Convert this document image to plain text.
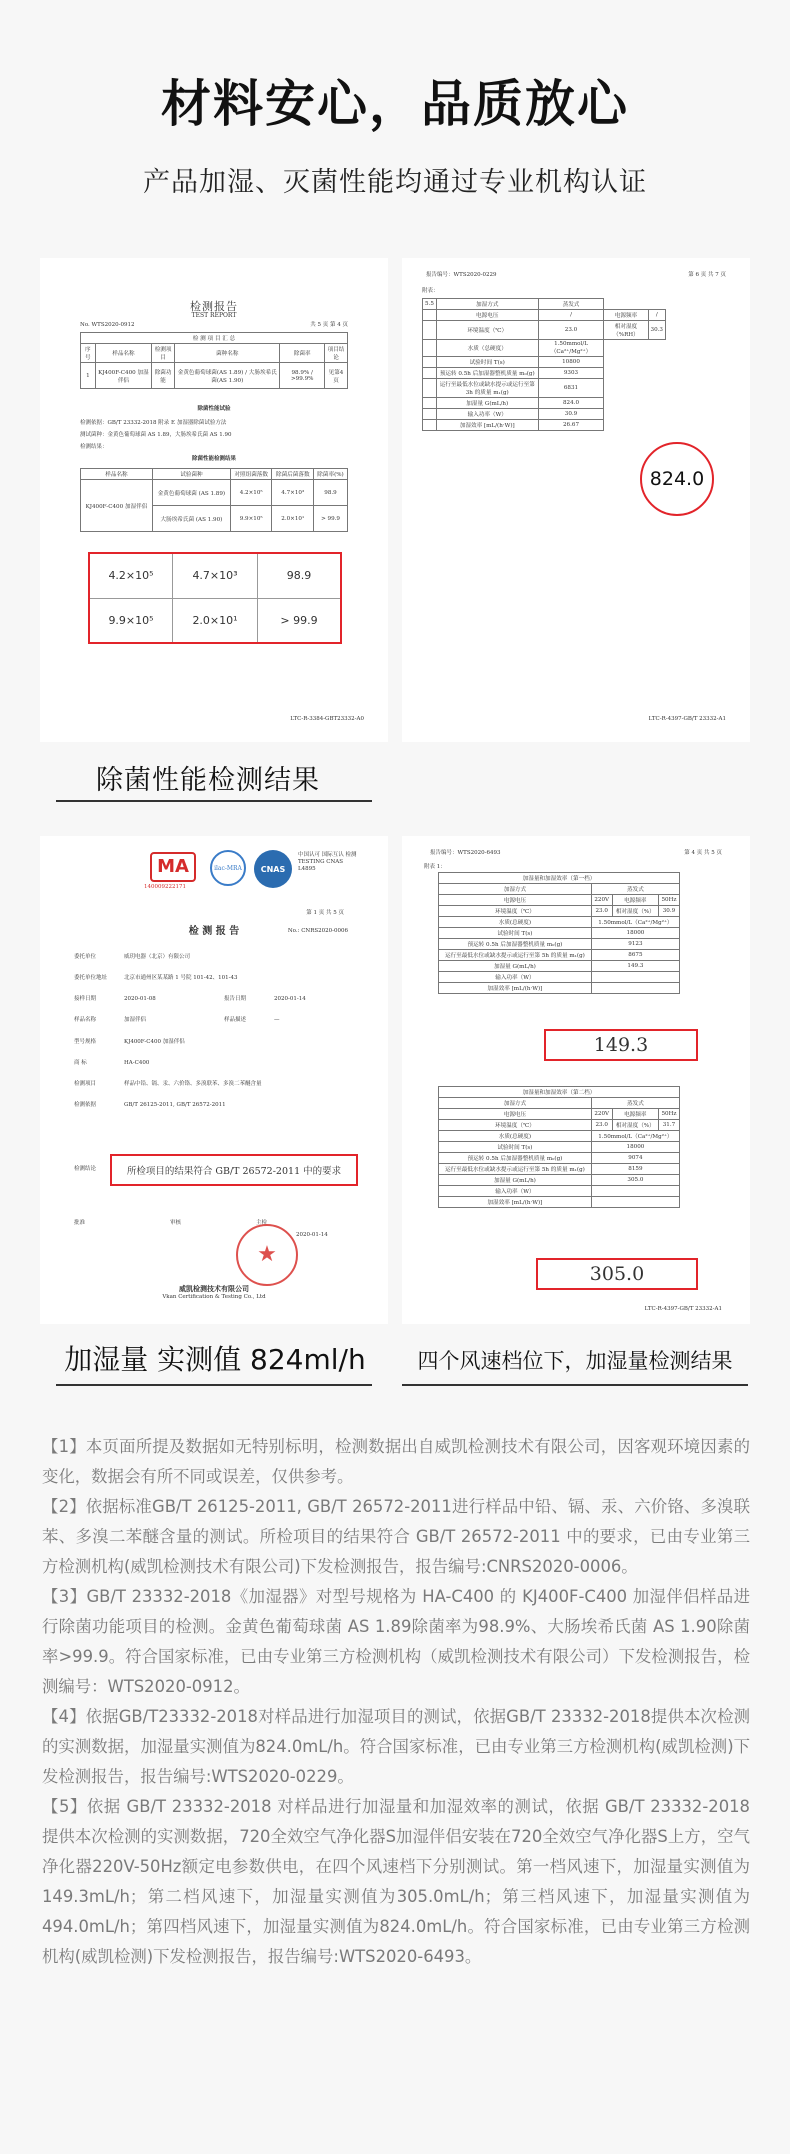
材料安心，品质放心
产品加湿、灭菌性能均通过专业机构认证
检测报告
TEST REPORT
No. WTS2020-0912	共 5 页 第 4 页
检 测 项 目 汇 总					
序号	样品名称	检测项目	菌种名称	除菌率	项目结论
1	KJ400F-C400 加湿伴侣	除菌功能	金黄色葡萄球菌(AS 1.89) / 大肠埃希氏菌(AS 1.90)	98.9% / >99.9%	见第4页
除菌性能试验
检测依据：GB/T 23332-2018 附录 E 加湿器除菌试验方法
测试菌种：金黄色葡萄球菌 AS 1.89，大肠埃希氏菌 AS 1.90
检测结果：
除菌性能检测结果
样品名称	试验菌种	对照组菌落数	除菌后菌落数	除菌率(%)
KJ400F-C400 加湿伴侣	金黄色葡萄球菌 (AS 1.89)	4.2×10⁵	4.7×10³	98.9
	大肠埃希氏菌 (AS 1.90)	9.9×10⁵	2.0×10¹	> 99.9
4.2×10⁵	4.7×10³	98.9
9.9×10⁵	2.0×10¹	> 99.9
LTC-R-3384-GBT23332-A0
报告编号：WTS2020-0229	第 6 页 共 7 页
附表：
5.5	加湿方式	蒸发式		
	电源电压	/	电源频率	/
	环境温度（℃）	23.0	相对湿度（%RH）	30.3
	水质（总硬度）	1.50mmol/L（Ca²⁺/Mg²⁺）		
	试验时间 T(s)	10800		
	预运转 0.5h 后加湿器整机质量 m₀(g)	9303		
	运行至最低水位或缺水提示或运行至第 3h 的质量 m₁(g)	6831		
	加湿量 G(mL/h)	824.0		
	输入功率（W）	30.9		
	加湿效率 [mL/(h·W)]	26.67		
824.0
LTC-R-4397-GB/T 23332-A1
MA
140009222171
ilac-MRA	CNAS
中国认可 国际互认 检测 TESTING CNAS L4895
第 1 页 共 5 页
检 测 报 告	No.: CNRS2020-0006
委托单位	威玥电器（北京）有限公司
委托单位地址	北京市通州区某某路 1 号院 101-42、101-43
接样日期	2020-01-08	报告日期	2020-01-14
样品名称	加湿伴侣	样品描述	—
型号规格	KJ400F-C400 加湿伴侣
商 标	HA-C400
检测项目	样品中铅、镉、汞、六价铬、多溴联苯、多溴二苯醚含量
检测依据	GB/T 26125-2011, GB/T 26572-2011
检测结论	所检项目的结果符合 GB/T 26572-2011 中的要求
批准	审核	主检
2020-01-14
★
威凯检测技术有限公司
Vkan Certification & Testing Co., Ltd
报告编号：WTS2020-6493	第 4 页 共 5 页
附表 1：
加湿量和加湿效率（第一档）			
加湿方式	蒸发式		
电源电压	220V	电源频率	50Hz
环境温度（℃）	23.0	相对湿度（%）	30.9
水质(总硬度)	1.50mmol/L（Ca²⁺/Mg²⁺）		
试验时间 T(s)	18000		
预运转 0.5h 后加湿器整机质量 m₀(g)	9123		
运行至最低水位或缺水提示或运行至第 5h 的质量 m₁(g)	8675		
加湿量 G(mL/h)	149.3		
输入功率（W）			
加湿效率 [mL/(h·W)]			
加湿量和加湿效率（第二档）			
加湿方式	蒸发式		
电源电压	220V	电源频率	50Hz
环境温度（℃）	23.0	相对湿度（%）	31.7
水质(总硬度)	1.50mmol/L（Ca²⁺/Mg²⁺）		
试验时间 T(s)	18000		
预运转 0.5h 后加湿器整机质量 m₀(g)	9074		
运行至最低水位或缺水提示或运行至第 5h 的质量 m₁(g)	8159		
加湿量 G(mL/h)	305.0		
输入功率（W）			
加湿效率 [mL/(h·W)]			
149.3
305.0
LTC-R-4397-GB/T 23332-A1
除菌性能检测结果
加湿量 实测值 824ml/h	四个风速档位下，加湿量检测结果

【1】本页面所提及数据如无特别标明，检测数据出自威凯检测技术有限公司，因客观环境因素的变化，数据会有所不同或误差，仅供参考。

【2】依据标准GB/T 26125-2011, GB/T 26572-2011进行样品中铅、镉、汞、六价铬、多溴联苯、多溴二苯醚含量的测试。所检项目的结果符合 GB/T 26572-2011 中的要求，已由专业第三方检测机构(威凯检测技术有限公司)下发检测报告，报告编号:CNRS2020-0006。

【3】GB/T 23332-2018《加湿器》对型号规格为 HA-C400 的 KJ400F-C400 加湿伴侣样品进行除菌功能项目的检测。金黄色葡萄球菌 AS 1.89除菌率为98.9%、大肠埃希氏菌 AS 1.90除菌率>99.9。符合国家标准，已由专业第三方检测机构（威凯检测技术有限公司）下发检测报告，检测编号：WTS2020-0912。

【4】依据GB/T23332-2018对样品进行加湿项目的测试，依据GB/T 23332-2018提供本次检测的实测数据，加湿量实测值为824.0mL/h。符合国家标准，已由专业第三方检测机构(威凯检测)下发检测报告，报告编号:WTS2020-0229。

【5】依据 GB/T 23332-2018 对样品进行加湿量和加湿效率的测试，依据 GB/T 23332-2018 提供本次检测的实测数据，720全效空气净化器S加湿伴侣安装在720全效空气净化器S上方，空气净化器220V-50Hz额定电参数供电，在四个风速档下分别测试。第一档风速下，加湿量实测值为149.3mL/h；第二档风速下，加湿量实测值为305.0mL/h；第三档风速下，加湿量实测值为494.0mL/h；第四档风速下，加湿量实测值为824.0mL/h。符合国家标准，已由专业第三方检测机构(威凯检测)下发检测报告，报告编号:WTS2020-6493。
